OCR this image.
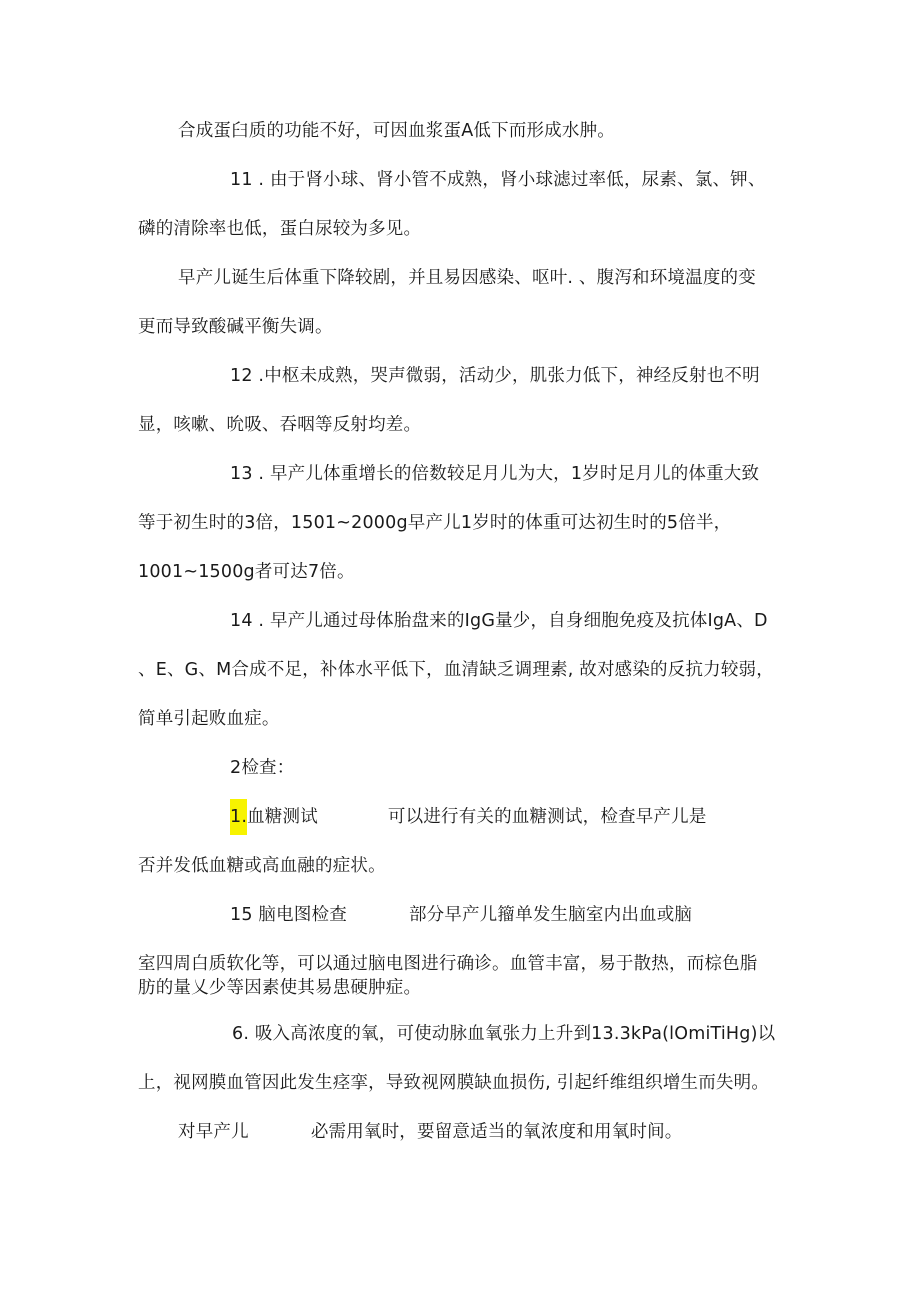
合成蛋臼质的功能不好，可因血浆蛋A低下而形成水肿。
11 . 由于肾小球、肾小管不成熟，肾小球滤过率低，尿素、氯、钾、
磷的清除率也低，蛋白尿较为多见。
早产儿诞生后体重下降较剧，并且易因感染、呕叶. 、腹泻和环境温度的变
更而导致酸碱平衡失调。
12 .中枢未成熟，哭声微弱，活动少，肌张力低下，神经反射也不明
显，咳嗽、吮吸、吞咽等反射均差。
13 . 早产儿体重增长的倍数较足月儿为大，1岁时足月儿的体重大致
等于初生时的3倍，1501~2000g早产儿1岁时的体重可达初生时的5倍半，
1001~1500g者可达7倍。
14 . 早产儿通过母体胎盘来的IgG量少，自身细胞免疫及抗体IgA、D
、E、G、M合成不足，补体水平低下，血清缺乏调理素, 故对感染的反抗力较弱，
简单引起败血症。
2检查：
1.血糖测试	可以进行有关的血糖测试，检查早产儿是
否并发低血糖或高血融的症状。
15 脑电图检查	部分早产儿籀单发生脑室内出血或脑
室四周白质软化等，可以通过脑电图进行确诊。血管丰富，易于散热，而棕色脂
肪的量乂少等因素使其易患硬肿症。
6. 吸入高浓度的氧，可使动脉血氧张力上升到13.3kPa(lOmiTiHg)以
上，视网膜血管因此发生痉挛，导致视网膜缺血损伤, 引起纤维组织增生而失明。
对早产儿	必需用氧时，要留意适当的氧浓度和用氧时间。
